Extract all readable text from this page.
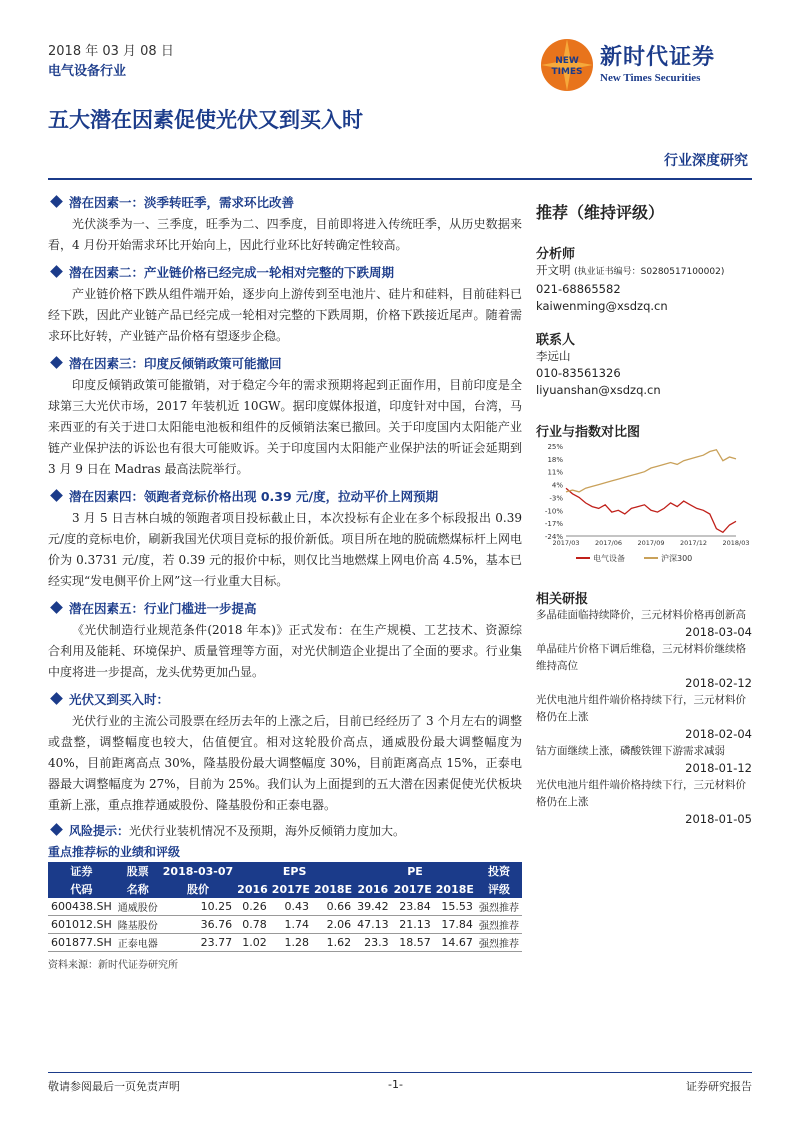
2018 年 03 月 08 日
电气设备行业
五大潜在因素促使光伏又到买入时
行业深度研究
NEW
TIMES
新时代证券
New Times Securities
潜在因素一：淡季转旺季，需求环比改善
光伏淡季为一、三季度，旺季为二、四季度，目前即将进入传统旺季，从历史数据来看，4 月份开始需求环比开始向上，因此行业环比好转确定性较高。
潜在因素二：产业链价格已经完成一轮相对完整的下跌周期
产业链价格下跌从组件端开始，逐步向上游传到至电池片、硅片和硅料，目前硅料已经下跌，因此产业链产品已经完成一轮相对完整的下跌周期，价格下跌接近尾声。随着需求环比好转，产业链产品价格有望逐步企稳。
潜在因素三：印度反倾销政策可能撤回
印度反倾销政策可能撤销，对于稳定今年的需求预期将起到正面作用，目前印度是全球第三大光伏市场，2017 年装机近 10GW。据印度媒体报道，印度针对中国，台湾，马来西亚的有关于进口太阳能电池板和组件的反倾销法案已撤回。关于印度国内太阳能产业链产业保护法的诉讼也有很大可能败诉。关于印度国内太阳能产业保护法的听证会延期到 3 月 9 日在 Madras 最高法院举行。
潜在因素四：领跑者竞标价格出现 0.39 元/度，拉动平价上网预期
3 月 5 日吉林白城的领跑者项目投标截止日，本次投标有企业在多个标段报出 0.39 元/度的竞标电价，刷新我国光伏项目竞标的报价新低。项目所在地的脱硫燃煤标杆上网电价为 0.3731 元/度，若 0.39 元的报价中标，则仅比当地燃煤上网电价高 4.5%，基本已经实现“发电侧平价上网”这一行业重大目标。
潜在因素五：行业门槛进一步提高
《光伏制造行业规范条件(2018 年本)》正式发布：在生产规模、工艺技术、资源综合利用及能耗、环境保护、质量管理等方面，对光伏制造企业提出了全面的要求。行业集中度将进一步提高，龙头优势更加凸显。
光伏又到买入时：
光伏行业的主流公司股票在经历去年的上涨之后，目前已经经历了 3 个月左右的调整或盘整，调整幅度也较大，估值便宜。相对这轮股价高点，通威股份最大调整幅度为 40%，目前距离高点 30%，隆基股份最大调整幅度 30%，目前距离高点 15%，正泰电器最大调整幅度为 27%，目前为 25%。我们认为上面提到的五大潜在因素促使光伏板块重新上涨，重点推荐通威股份、隆基股份和正泰电器。
风险提示：光伏行业装机情况不及预期，海外反倾销力度加大。
重点推荐标的业绩和评级
证券	股票	2018-03-07	EPS			PE			投资
代码	名称	股价	2016	2017E	2018E	2016	2017E	2018E	评级
600438.SH	通威股份	10.25	0.26	0.43	0.66	39.42	23.84	15.53	强烈推荐
601012.SH	隆基股份	36.76	0.78	1.74	2.06	47.13	21.13	17.84	强烈推荐
601877.SH	正泰电器	23.77	1.02	1.28	1.62	23.3	18.57	14.67	强烈推荐
资料来源：新时代证券研究所
推荐（维持评级）
分析师
开文明 (执业证书编号：S0280517100002)
021-68865582
kaiwenming@xsdzq.cn
联系人
李远山
010-83561326
liyuanshan@xsdzq.cn
行业与指数对比图
25%
18%
11%
4%
-3%
-10%
-17%
-24%
2017/03 2017/06 2017/09 2017/12 2018/03
电气设备	沪深300
相关研报
多晶硅面临持续降价，三元材料价格再创新高
2018-03-04
单晶硅片价格下调后维稳，三元材料价继续格维持高位
2018-02-12
光伏电池片组件端价格持续下行，三元材料价格仍在上涨
2018-02-04
钴方面继续上涨，磷酸铁锂下游需求减弱
2018-01-12
光伏电池片组件端价格持续下行，三元材料价格仍在上涨
2018-01-05
敬请参阅最后一页免责声明	-1-	证券研究报告
